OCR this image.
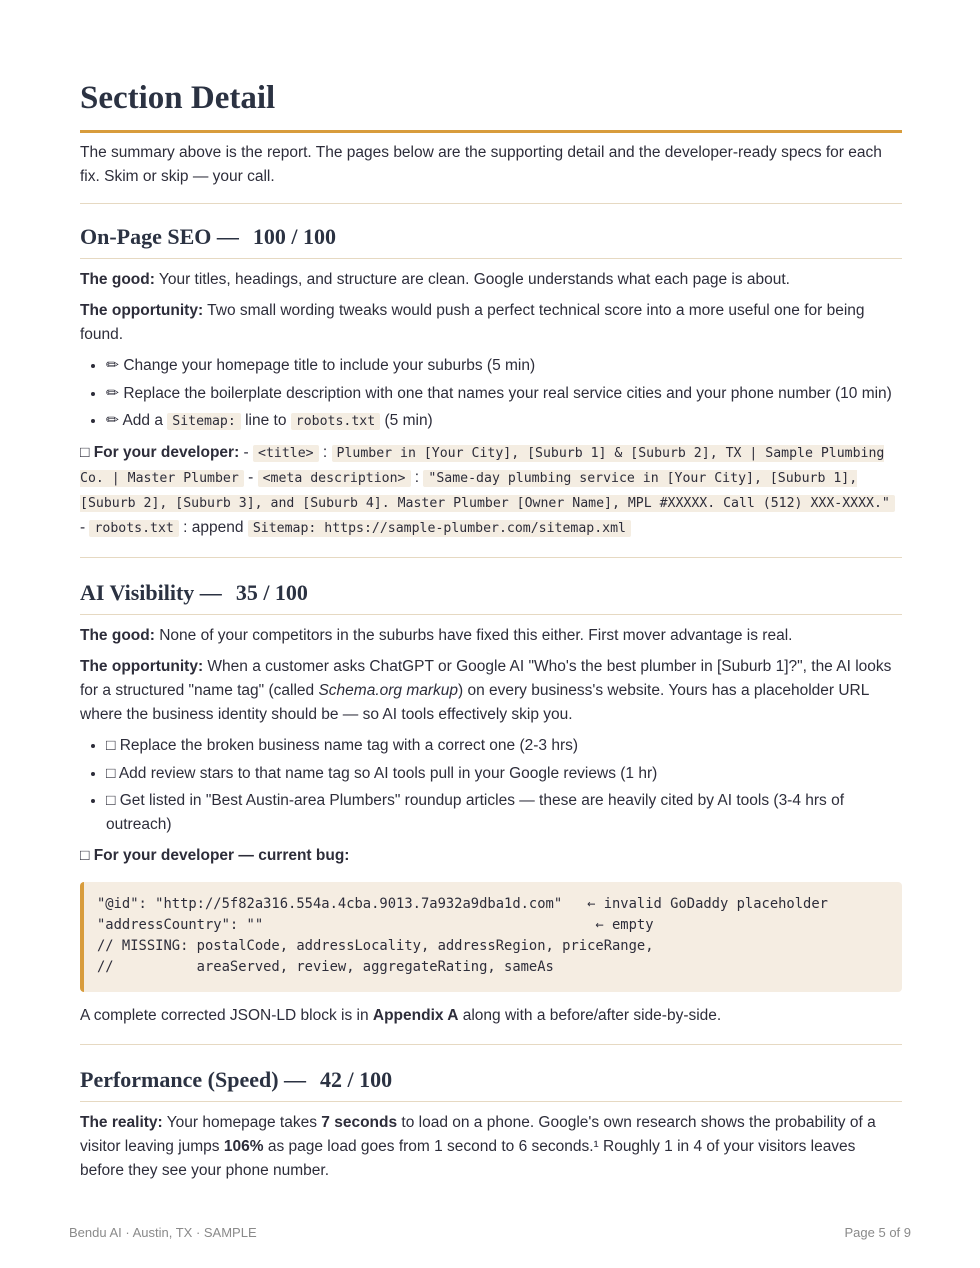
Section Detail

The summary above is the report. The pages below are the supporting detail and the developer-ready specs for each fix. Skim or skip — your call.

On-Page SEO — 100 / 100

The good: Your titles, headings, and structure are clean. Google understands what each page is about.

The opportunity: Two small wording tweaks would push a perfect technical score into a more useful one for being found.

• ✏ Change your homepage title to include your suburbs (5 min)
• ✏ Replace the boilerplate description with one that names your real service cities and your phone number (10 min)
• ✏ Add a Sitemap: line to robots.txt (5 min)

□ For your developer: - <title> : Plumber in [Your City], [Suburb 1] & [Suburb 2], TX | Sample Plumbing Co. | Master Plumber - <meta description> : "Same-day plumbing service in [Your City], [Suburb 1], [Suburb 2], [Suburb 3], and [Suburb 4]. Master Plumber [Owner Name], MPL #XXXXX. Call (512) XXX-XXXX." - robots.txt : append Sitemap: https://sample-plumber.com/sitemap.xml

AI Visibility — 35 / 100

The good: None of your competitors in the suburbs have fixed this either. First mover advantage is real.

The opportunity: When a customer asks ChatGPT or Google AI "Who's the best plumber in [Suburb 1]?", the AI looks for a structured "name tag" (called Schema.org markup) on every business's website. Yours has a placeholder URL where the business identity should be — so AI tools effectively skip you.

• □ Replace the broken business name tag with a correct one (2-3 hrs)
• □ Add review stars to that name tag so AI tools pull in your Google reviews (1 hr)
• □ Get listed in "Best Austin-area Plumbers" roundup articles — these are heavily cited by AI tools (3-4 hrs of outreach)

□ For your developer — current bug:

"@id": "http://5f82a316.554a.4cba.9013.7a932a9dba1d.com"   ← invalid GoDaddy placeholder
"addressCountry": ""                                        ← empty
// MISSING: postalCode, addressLocality, addressRegion, priceRange,
//          areaServed, review, aggregateRating, sameAs

A complete corrected JSON-LD block is in Appendix A along with a before/after side-by-side.

Performance (Speed) — 42 / 100

The reality: Your homepage takes 7 seconds to load on a phone. Google's own research shows the probability of a visitor leaving jumps 106% as page load goes from 1 second to 6 seconds.¹ Roughly 1 in 4 of your visitors leaves before they see your phone number.

Bendu AI · Austin, TX · SAMPLE	Page 5 of 9
